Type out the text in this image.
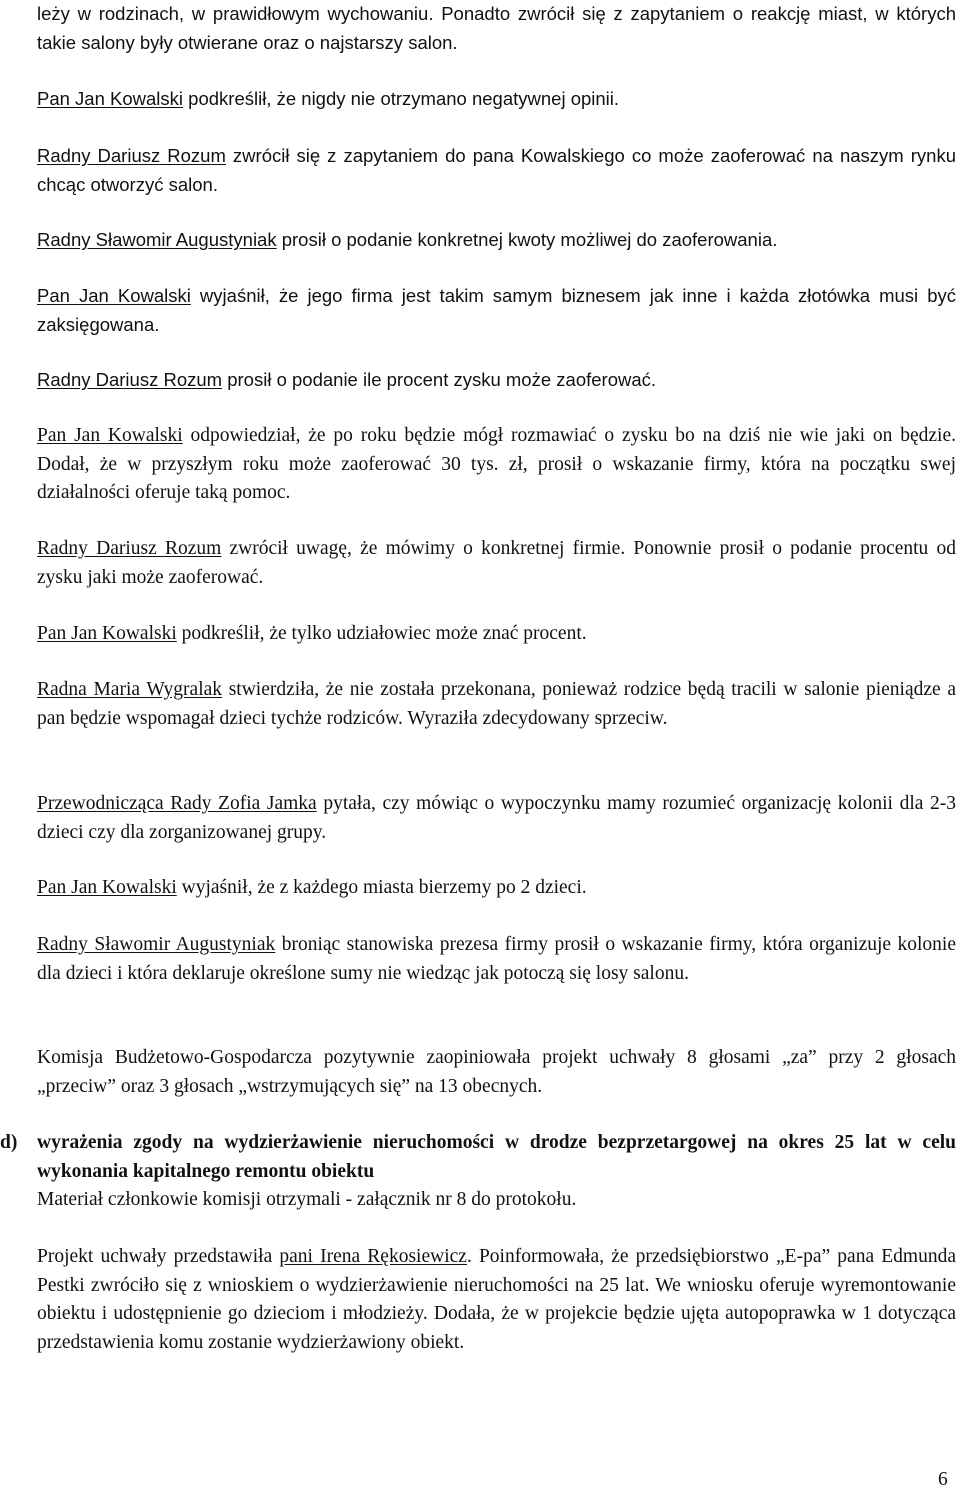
leży w rodzinach, w prawidłowym wychowaniu. Ponadto zwrócił się z zapytaniem o reakcję miast, w których takie salony były otwierane oraz o najstarszy salon.

Pan Jan Kowalski podkreślił, że nigdy nie otrzymano negatywnej opinii.

Radny Dariusz Rozum zwrócił się z zapytaniem do pana Kowalskiego co może zaoferować na naszym rynku chcąc otworzyć salon.

Radny Sławomir Augustyniak prosił o podanie konkretnej kwoty możliwej do zaoferowania.

Pan Jan Kowalski wyjaśnił, że jego firma jest takim samym biznesem jak inne i każda złotówka musi być zaksięgowana.

Radny Dariusz Rozum prosił o podanie ile procent zysku może zaoferować.

Pan Jan Kowalski odpowiedział, że po roku będzie mógł rozmawiać o zysku bo na dziś nie wie jaki on będzie. Dodał, że w przyszłym roku może zaoferować 30 tys. zł, prosił o wskazanie firmy, która na początku swej działalności oferuje taką pomoc.

Radny Dariusz Rozum zwrócił uwagę, że mówimy o konkretnej firmie. Ponownie prosił o podanie procentu od zysku jaki może zaoferować.

Pan Jan Kowalski podkreślił, że tylko udziałowiec może znać procent.

Radna Maria Wygralak stwierdziła, że nie została przekonana, ponieważ rodzice będą tracili w salonie pieniądze a pan będzie wspomagał dzieci tychże rodziców. Wyraziła zdecydowany sprzeciw.

Przewodnicząca Rady Zofia Jamka pytała, czy mówiąc o wypoczynku mamy rozumieć organizację kolonii dla 2-3 dzieci czy dla zorganizowanej grupy.

Pan Jan Kowalski wyjaśnił, że z każdego miasta bierzemy po 2 dzieci.

Radny Sławomir Augustyniak broniąc stanowiska prezesa firmy prosił o wskazanie firmy, która organizuje kolonie dla dzieci i która deklaruje określone sumy nie wiedząc jak potoczą się losy salonu.

Komisja Budżetowo-Gospodarcza pozytywnie zaopiniowała projekt uchwały 8 głosami „za” przy 2 głosach „przeciw” oraz 3 głosach „wstrzymujących się” na 13 obecnych.

d) wyrażenia zgody na wydzierżawienie nieruchomości w drodze bezprzetargowej na okres 25 lat w celu wykonania kapitalnego remontu obiektu

Materiał członkowie komisji otrzymali - załącznik nr 8 do protokołu.

Projekt uchwały przedstawiła pani Irena Rękosiewicz. Poinformowała, że przedsiębiorstwo „E-pa” pana Edmunda Pestki zwróciło się z wnioskiem o wydzierżawienie nieruchomości na 25 lat. We wniosku oferuje wyremontowanie obiektu i udostępnienie go dzieciom i młodzieży. Dodała, że w projekcie będzie ujęta autopoprawka w 1 dotycząca przedstawienia komu zostanie wydzierżawiony obiekt.

6
